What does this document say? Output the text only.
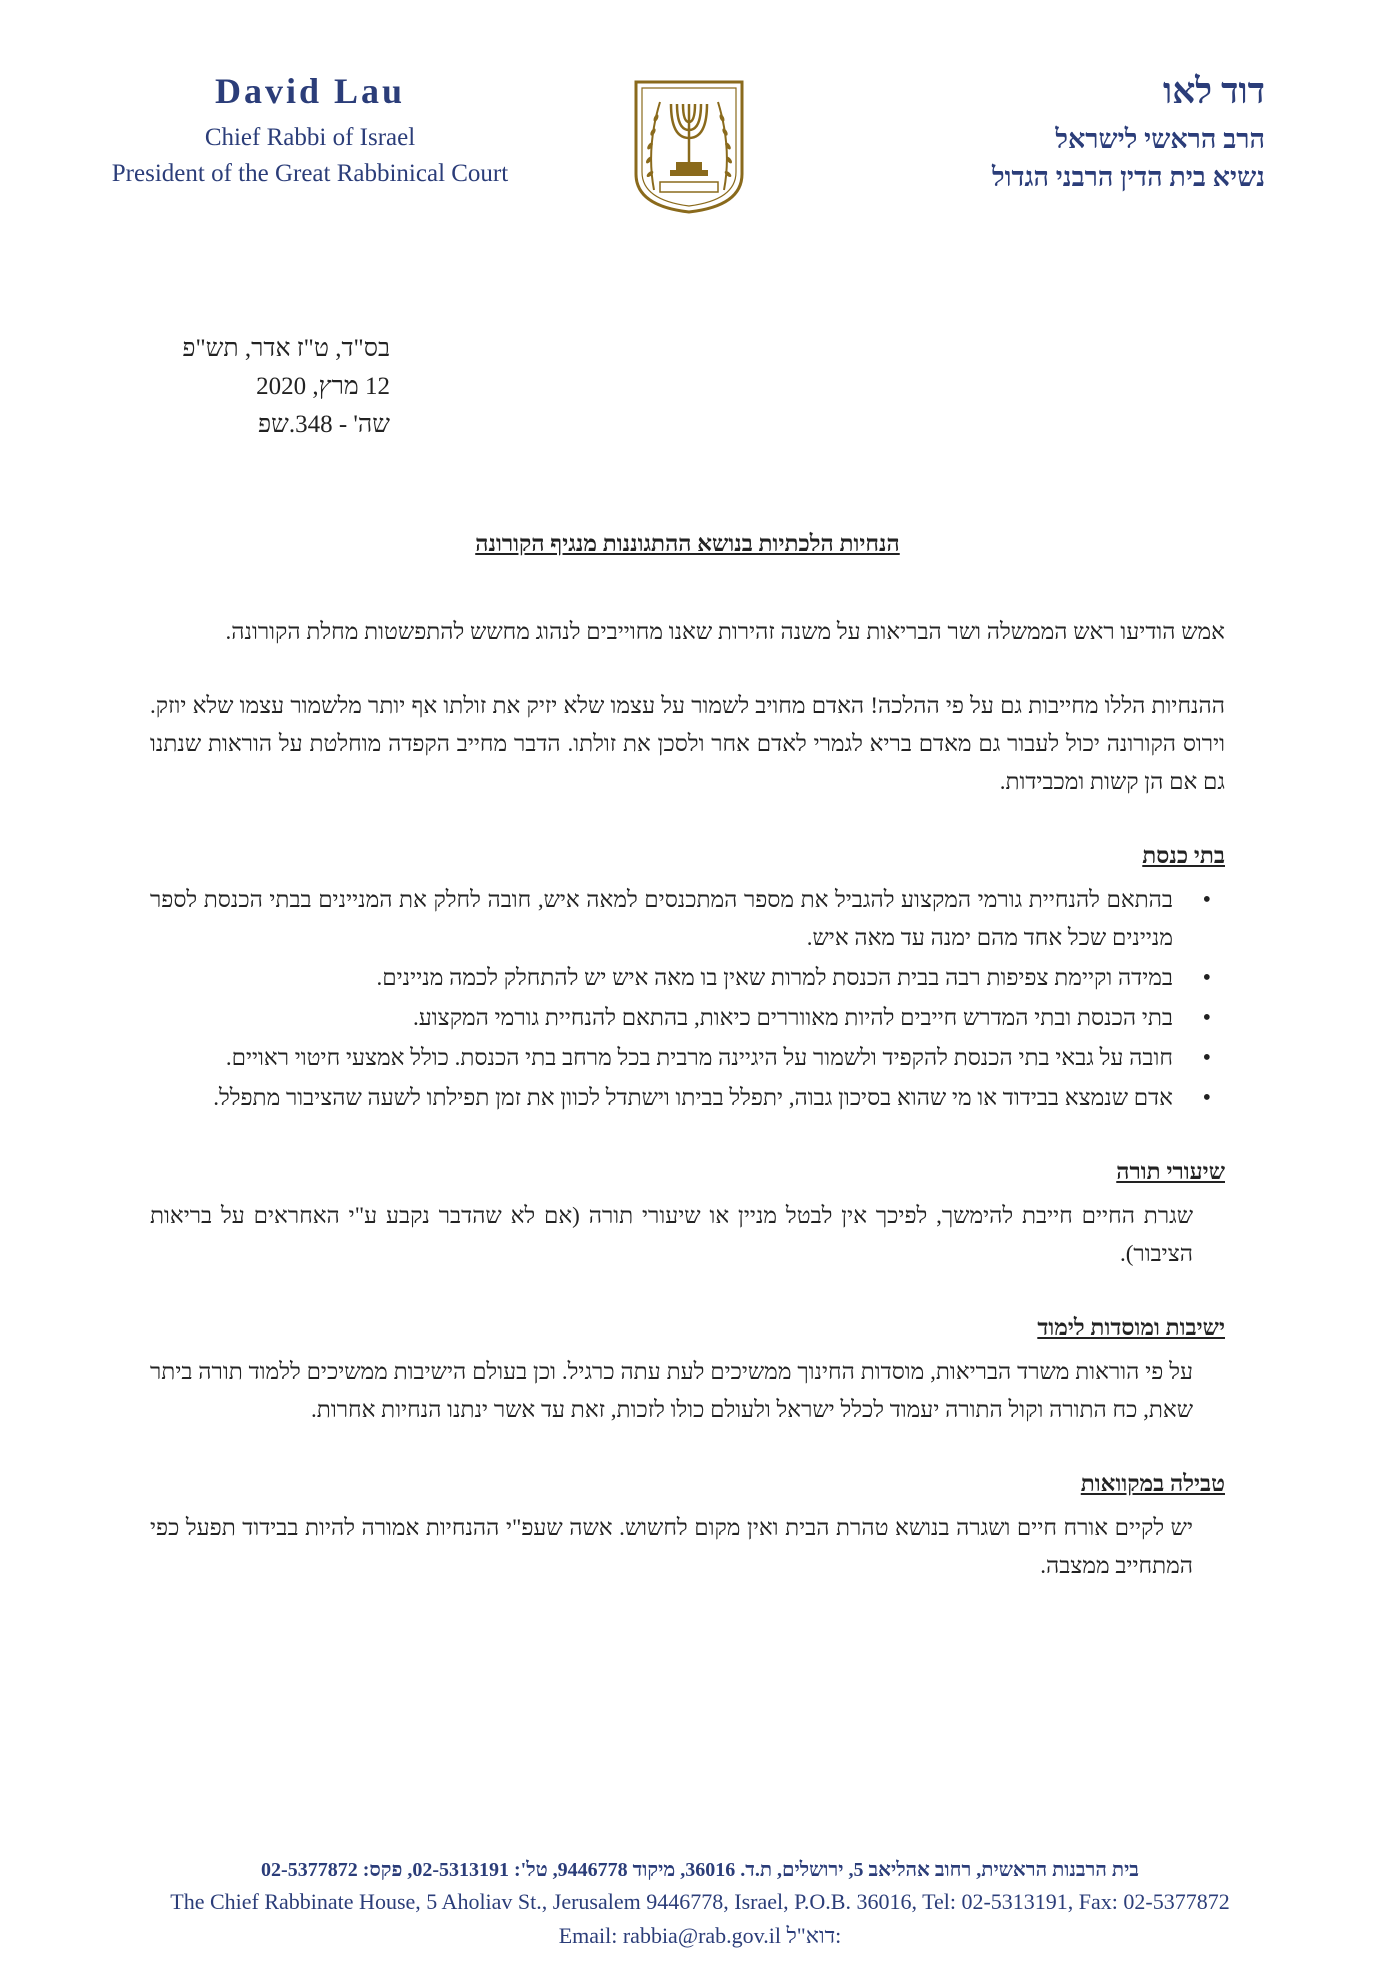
David Lau
Chief Rabbi of Israel
President of the Great Rabbinical Court
דוד לאו
הרב הראשי לישראל
נשיא בית הדין הרבני הגדול
בס"ד, ט"ז אדר, תש"פ
12 מרץ, 2020
שה' - 348.שפ
הנחיות הלכתיות בנושא ההתגוננות מנגיף הקורונה

אמש הודיעו ראש הממשלה ושר הבריאות על משנה זהירות שאנו מחוייבים לנהוג מחשש להתפשטות מחלת הקורונה.

ההנחיות הללו מחייבות גם על פי ההלכה! האדם מחויב לשמור על עצמו שלא יזיק את זולתו אף יותר מלשמור עצמו שלא יוזק. וירוס הקורונה יכול לעבור גם מאדם בריא לגמרי לאדם אחר ולסכן את זולתו. הדבר מחייב הקפדה מוחלטת על הוראות שנתנו גם אם הן קשות ומכבידות.

בתי כנסת
• בהתאם להנחיית גורמי המקצוע להגביל את מספר המתכנסים למאה איש, חובה לחלק את המניינים בבתי הכנסת לספר מניינים שכל אחד מהם ימנה עד מאה איש.
• במידה וקיימת צפיפות רבה בבית הכנסת למרות שאין בו מאה איש יש להתחלק לכמה מניינים.
• בתי הכנסת ובתי המדרש חייבים להיות מאווררים כיאות, בהתאם להנחיית גורמי המקצוע.
• חובה על גבאי בתי הכנסת להקפיד ולשמור על היגיינה מרבית בכל מרחב בתי הכנסת. כולל אמצעי חיטוי ראויים.
• אדם שנמצא בבידוד או מי שהוא בסיכון גבוה, יתפלל בביתו וישתדל לכוון את זמן תפילתו לשעה שהציבור מתפלל.
שיעורי תורה

שגרת החיים חייבת להימשך, לפיכך אין לבטל מניין או שיעורי תורה (אם לא שהדבר נקבע ע"י האחראים על בריאות הציבור).

ישיבות ומוסדות לימוד

על פי הוראות משרד הבריאות, מוסדות החינוך ממשיכים לעת עתה כרגיל. וכן בעולם הישיבות ממשיכים ללמוד תורה ביתר שאת, כח התורה וקול התורה יעמוד לכלל ישראל ולעולם כולו לזכות, זאת עד אשר ינתנו הנחיות אחרות.

טבילה במקוואות

יש לקיים אורח חיים ושגרה בנושא טהרת הבית ואין מקום לחשוש. אשה שעפ"י ההנחיות אמורה להיות בבידוד תפעל כפי המתחייב ממצבה.

בית הרבנות הראשית, רחוב אהליאב 5, ירושלים, ת.ד. 36016, מיקוד 9446778, טל': 02-5313191, פקס: 02-5377872
The Chief Rabbinate House, 5 Aholiav St., Jerusalem 9446778, Israel, P.O.B. 36016, Tel: 02-5313191, Fax: 02-5377872
Email: rabbia@rab.gov.il דוא"ל:
